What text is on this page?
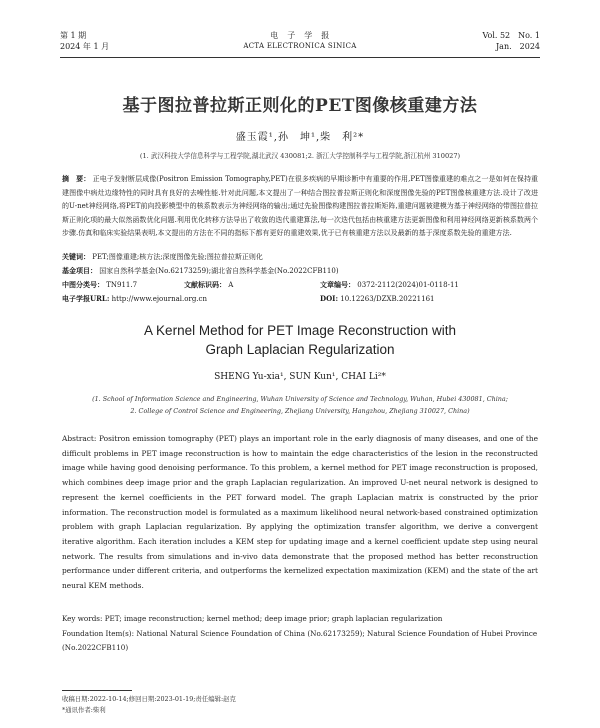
第 1 期
2024 年 1 月
电　子　学　报
ACTA ELECTRONICA SINICA
Vol. 52　No. 1
Jan.　2024
基于图拉普拉斯正则化的PET图像核重建方法
盛玉霞¹,孙　坤¹,柴　利²*
(1. 武汉科技大学信息科学与工程学院,湖北武汉 430081;2. 浙江大学控制科学与工程学院,浙江杭州 310027)
摘　要： 正电子发射断层成像(Positron Emission Tomography,PET)在很多疾病的早期诊断中有重要的作用,PET图像重建的难点之一是如何在保持重建图像中病灶边缘特性的同时具有良好的去噪性能.针对此问题,本文提出了一种结合图拉普拉斯正则化和深度图像先验的PET图像核重建方法.设计了改进的U-net神经网络,将PET前向投影模型中的核系数表示为神经网络的输出;通过先验图像构建图拉普拉斯矩阵,重建问题被建模为基于神经网络的带图拉普拉斯正则化项的最大似然函数优化问题.利用优化转移方法导出了收敛的迭代重建算法,每一次迭代包括由核重建方法更新图像和利用神经网络更新核系数两个步骤.仿真和临床实验结果表明,本文提出的方法在不同的指标下都有更好的重建效果,优于已有核重建方法以及最新的基于深度系数先验的重建方法.
关键词： PET;图像重建;核方法;深度图像先验;图拉普拉斯正则化
基金项目： 国家自然科学基金(No.62173259);湖北省自然科学基金(No.2022CFB110)
中图分类号： TN911.7	文献标识码： A	文章编号： 0372-2112(2024)01-0118-11
电子学报URL: http://www.ejournal.org.cn	DOI: 10.12263/DZXB.20221161
A Kernel Method for PET Image Reconstruction with
Graph Laplacian Regularization
SHENG Yu-xia¹, SUN Kun¹, CHAI Li²*
(1. School of Information Science and Engineering, Wuhan University of Science and Technology, Wuhan, Hubei 430081, China;
2. College of Control Science and Engineering, Zhejiang University, Hangzhou, Zhejiang 310027, China)
Abstract: Positron emission tomography (PET) plays an important role in the early diagnosis of many diseases, and one of the difficult problems in PET image reconstruction is how to maintain the edge characteristics of the lesion in the reconstructed image while having good denoising performance. To this problem, a kernel method for PET image reconstruction is proposed, which combines deep image prior and the graph Laplacian regularization. An improved U-net neural network is designed to represent the kernel coefficients in the PET forward model. The graph Laplacian matrix is constructed by the prior information. The reconstruction model is formulated as a maximum likelihood neural network-based constrained optimization problem with graph Laplacian regularization. By applying the optimization transfer algorithm, we derive a convergent iterative algorithm. Each iteration includes a KEM step for updating image and a kernel coefficient update step using neural network. The results from simulations and in-vivo data demonstrate that the proposed method has better reconstruction performance under different criteria, and outperforms the kernelized expectation maximization (KEM) and the state of the art neural KEM methods.
Key words: PET; image reconstruction; kernel method; deep image prior; graph laplacian regularization
Foundation Item(s): National Natural Science Foundation of China (No.62173259); Natural Science Foundation of Hubei Province (No.2022CFB110)
收稿日期:2022-10-14;修回日期:2023-01-19;责任编辑:赵克
*通讯作者:柴利
